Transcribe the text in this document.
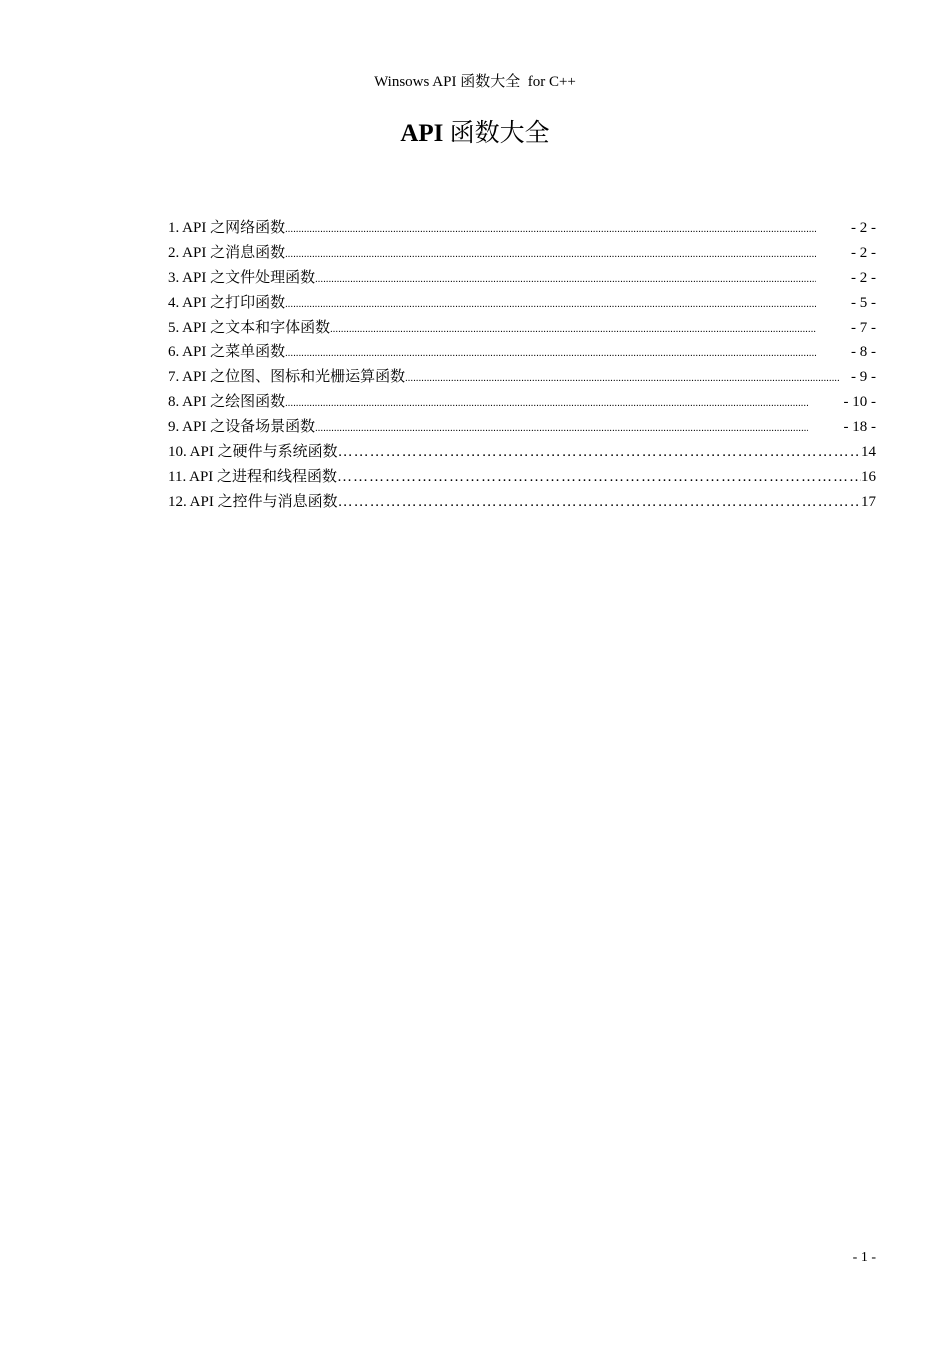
Winsows API 函数大全  for C++
API 函数大全
1. API 之网络函数 .....	- 2 -
2. API 之消息函数 .....	- 2 -
3. API 之文件处理函数 .....	- 2 -
4. API 之打印函数 .....	- 5 -
5. API 之文本和字体函数 .....	- 7 -
6. API 之菜单函数 .....	- 8 -
7. API 之位图、图标和光栅运算函数 .....	- 9 -
8. API 之绘图函数 .....	- 10 -
9. API 之设备场景函数 .....	- 18 -
10. API 之硬件与系统函数 ……………………………………………………………………………………………………………………………………………………………………………	14
11. API 之进程和线程函数 ……………………………………………………………………………………………………………………………………………………………………………	16
12. API 之控件与消息函数 ……………………………………………………………………………………………………………………………………………………………………………	17
- 1 -
